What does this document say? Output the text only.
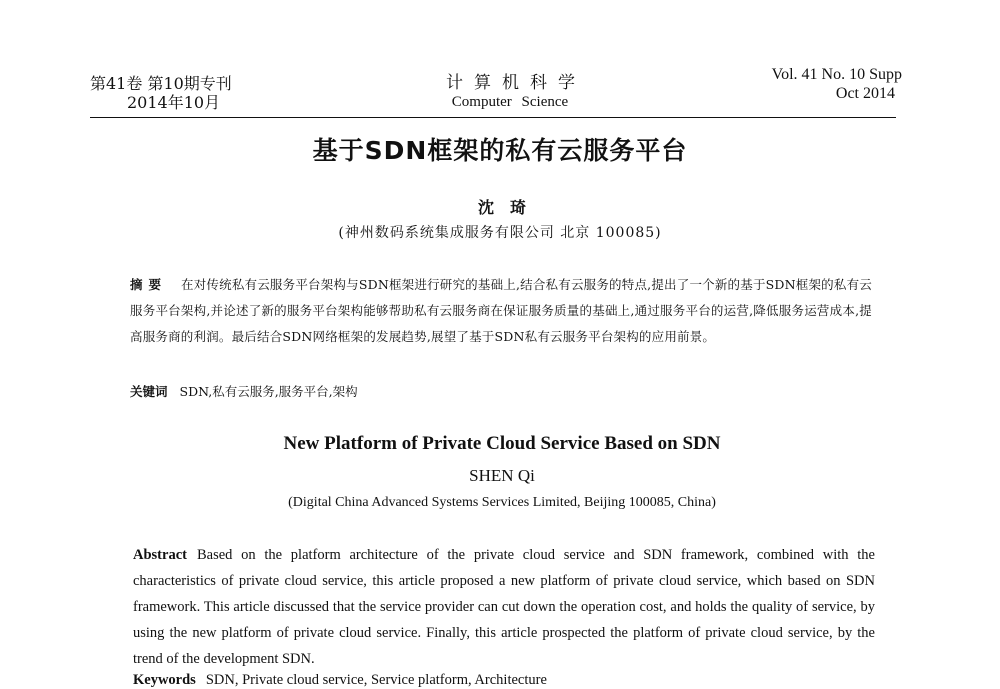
第41卷 第10期专刊
2014年10月
计算机科学
Computer Science
Vol. 41 No. 10 Supp
Oct 2014
基于SDN框架的私有云服务平台
沈琦
(神州数码系统集成服务有限公司 北京 100085)
摘要 在对传统私有云服务平台架构与SDN框架进行研究的基础上,结合私有云服务的特点,提出了一个新的基于SDN框架的私有云服务平台架构,并论述了新的服务平台架构能够帮助私有云服务商在保证服务质量的基础上,通过服务平台的运营,降低服务运营成本,提高服务商的利润。最后结合SDN网络框架的发展趋势,展望了基于SDN私有云服务平台架构的应用前景。
关键词 SDN,私有云服务,服务平台,架构
New Platform of Private Cloud Service Based on SDN
SHEN Qi
(Digital China Advanced Systems Services Limited, Beijing 100085, China)
Abstract Based on the platform architecture of the private cloud service and SDN framework, combined with the characteristics of private cloud service, this article proposed a new platform of private cloud service, which based on SDN framework. This article discussed that the service provider can cut down the operation cost, and holds the quality of service, by using the new platform of private cloud service. Finally, this article prospected the platform of private cloud service, by the trend of the development SDN.
Keywords SDN, Private cloud service, Service platform, Architecture
